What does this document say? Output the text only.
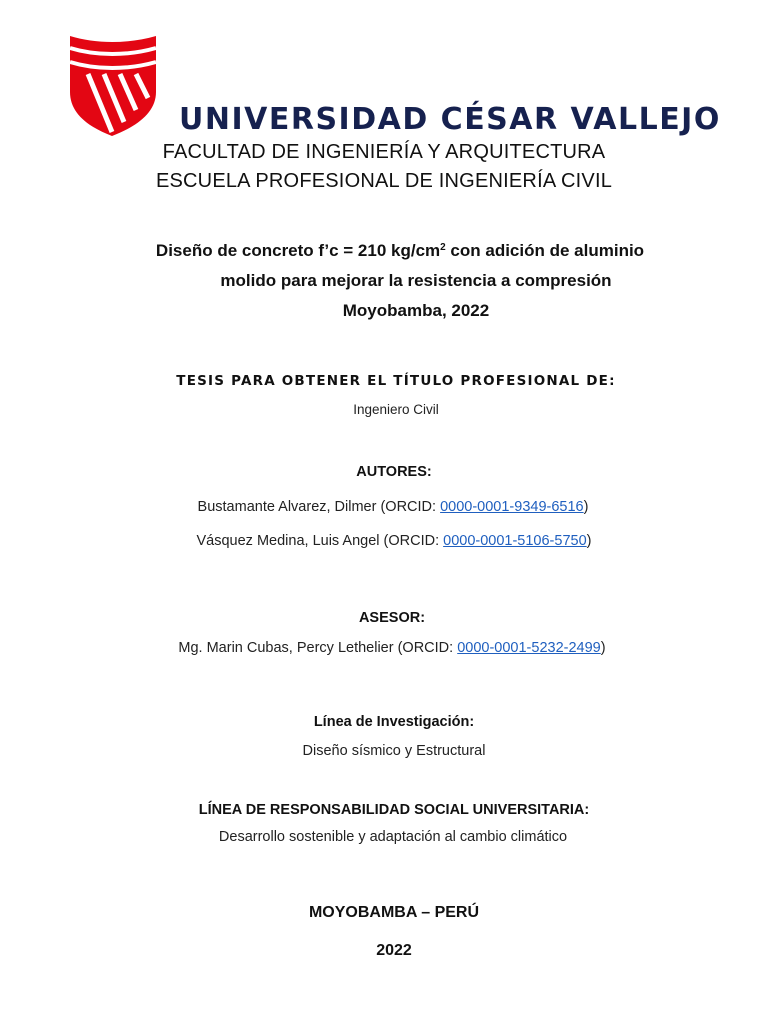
UNIVERSIDAD CÉSAR VALLEJO
FACULTAD DE INGENIERÍA Y ARQUITECTURA
ESCUELA PROFESIONAL DE INGENIERÍA CIVIL
Diseño de concreto f’c = 210 $kg/cm^2$ con adición de aluminio
molido para mejorar la resistencia a compresión
Moyobamba, 2022
TESIS PARA OBTENER EL TÍTULO PROFESIONAL DE:
Ingeniero Civil
AUTORES:
Bustamante Alvarez, Dilmer (ORCID: 0000-0001-9349-6516)
Vásquez Medina, Luis Angel (ORCID: 0000-0001-5106-5750)
ASESOR:
Mg. Marin Cubas, Percy Lethelier (ORCID: 0000-0001-5232-2499)
Línea de Investigación:
Diseño sísmico y Estructural
LÍNEA DE RESPONSABILIDAD SOCIAL UNIVERSITARIA:
Desarrollo sostenible y adaptación al cambio climático
MOYOBAMBA – PERÚ
2022
